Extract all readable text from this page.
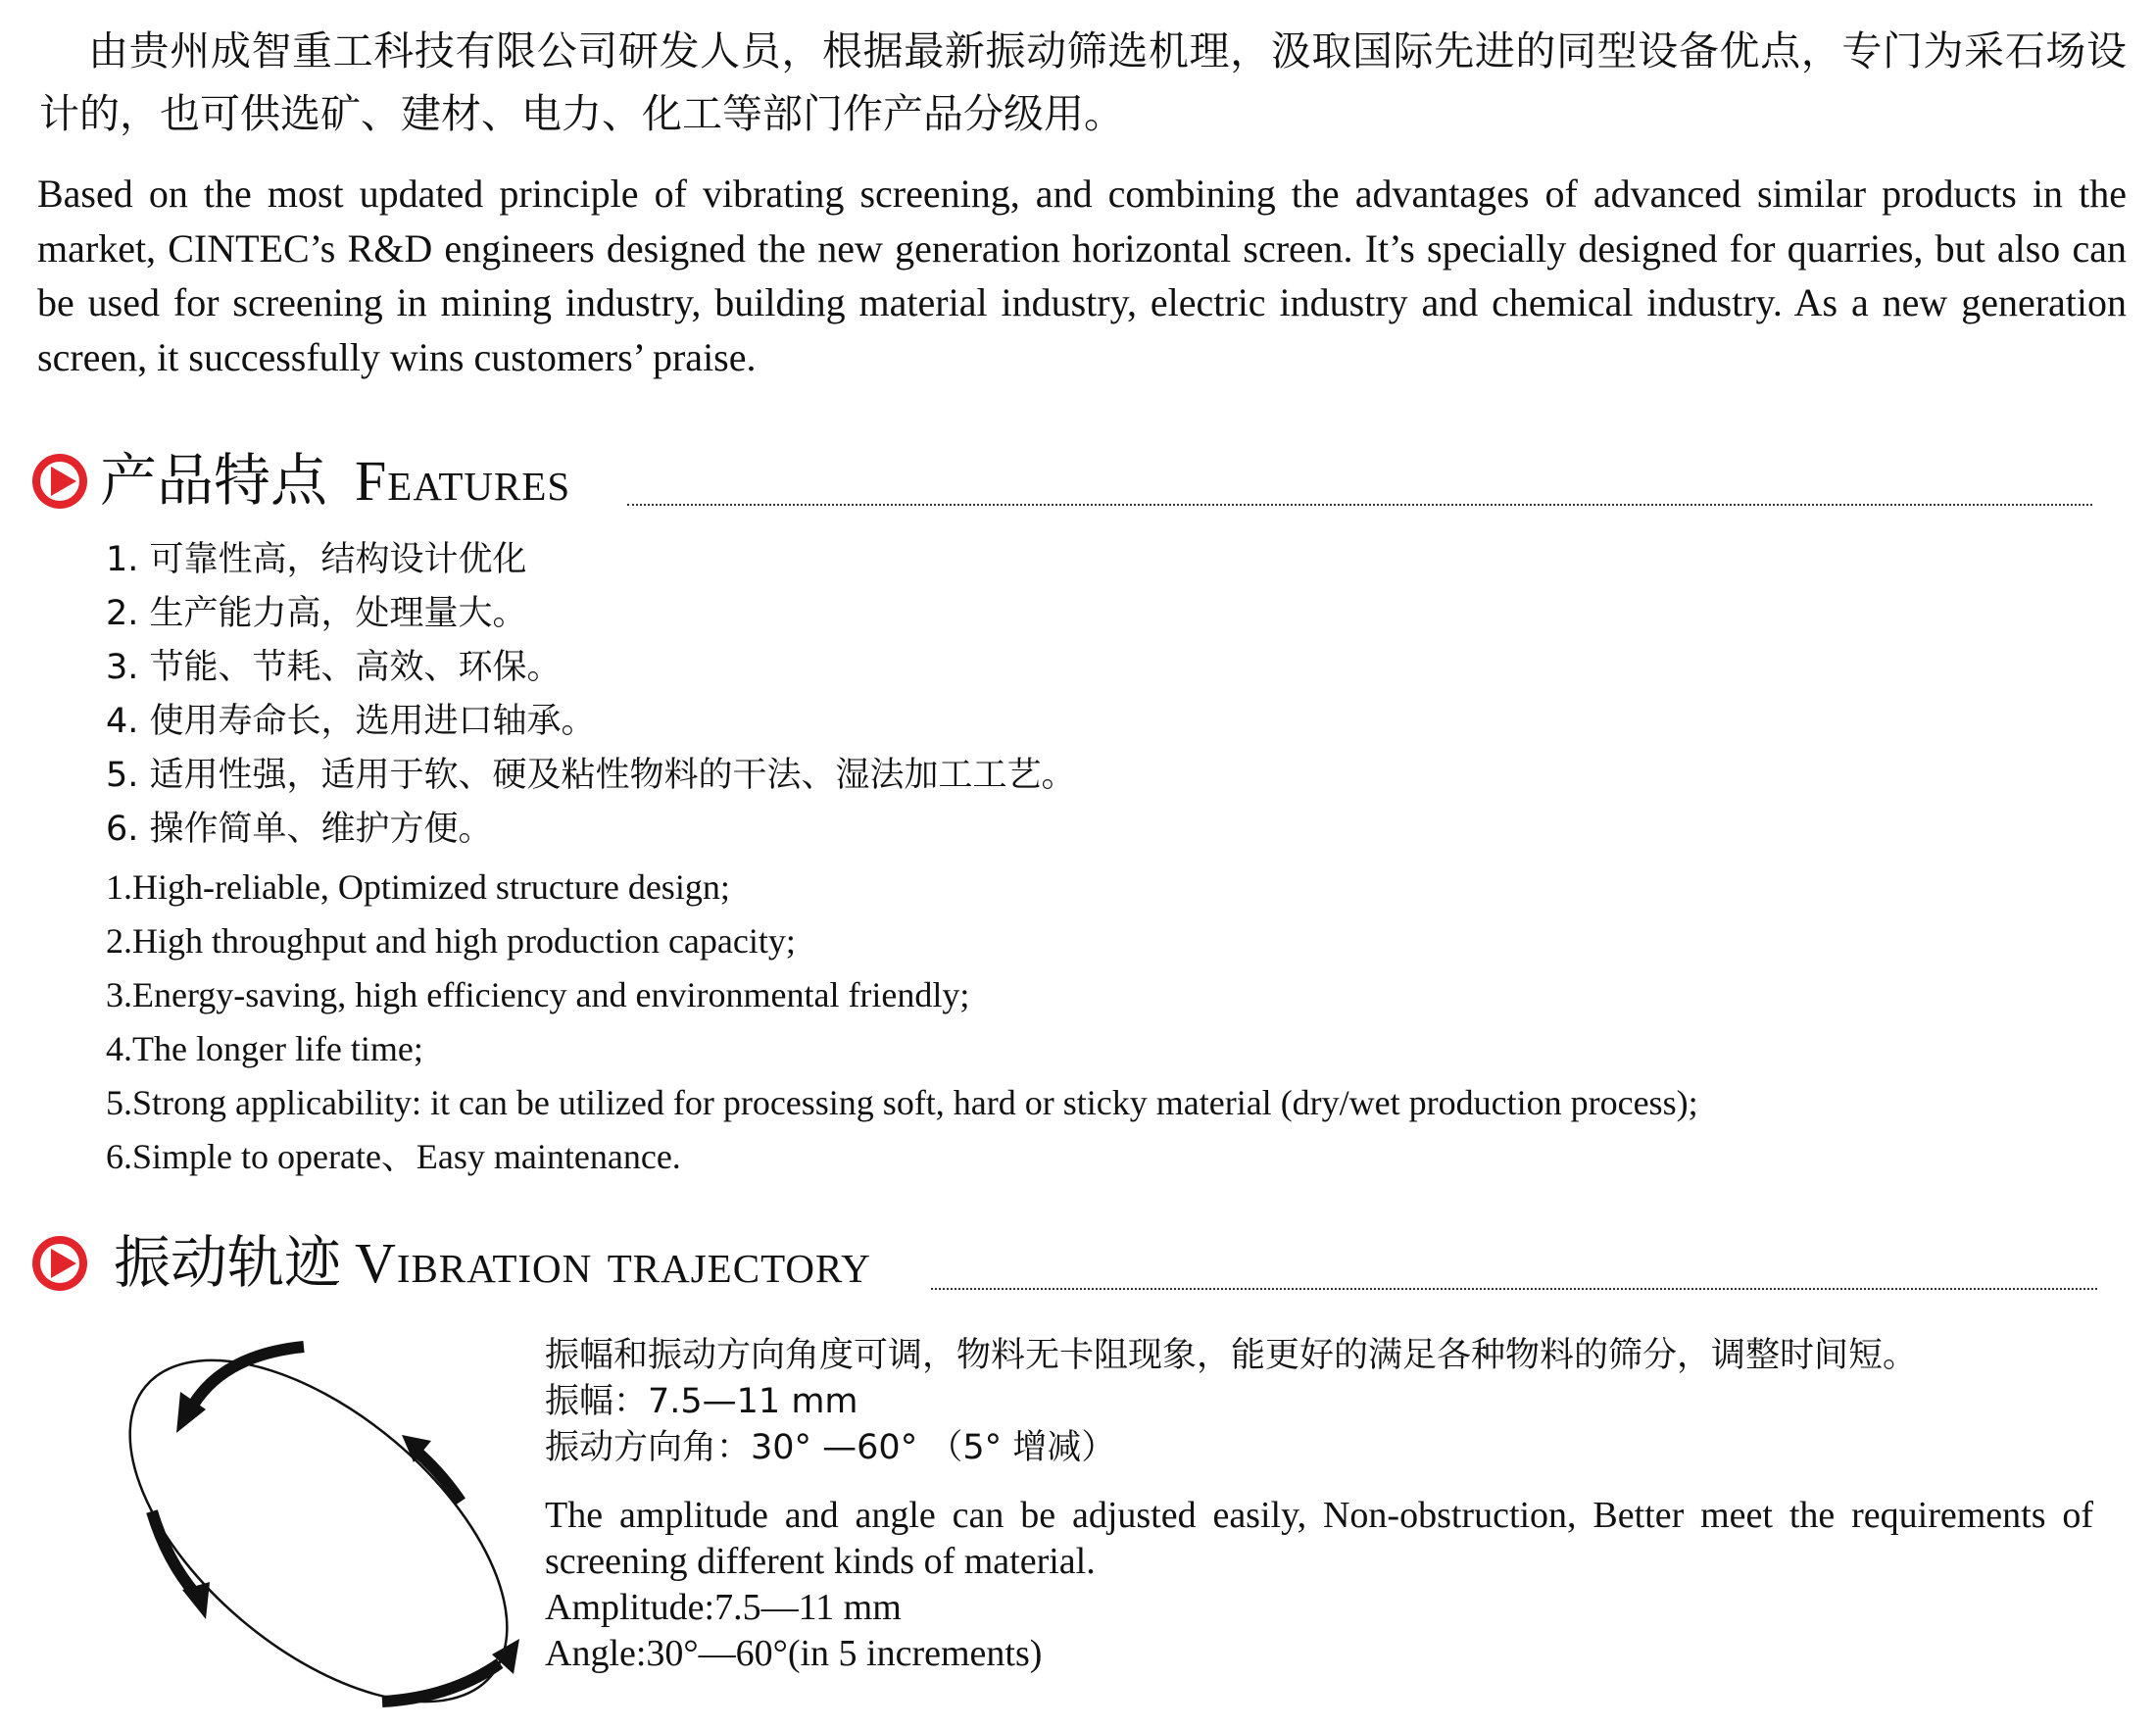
由贵州成智重工科技有限公司研发人员，根据最新振动筛选机理，汲取国际先进的同型设备优点，专门为采石场设计的，也可供选矿、建材、电力、化工等部门作产品分级用。

Based on the most updated principle of vibrating screening, and combining the advantages of advanced similar products in the market, CINTEC’s R&D engineers designed the new generation horizontal screen. It’s specially designed for quarries, but also can be used for screening in mining industry, building material industry, electric industry and chemical industry. As a new generation screen, it successfully wins customers’ praise.

产品特点 Features
1. 可靠性高，结构设计优化
2. 生产能力高，处理量大。
3. 节能、节耗、高效、环保。
4. 使用寿命长，选用进口轴承。
5. 适用性强，适用于软、硬及粘性物料的干法、湿法加工工艺。
6. 操作简单、维护方便。
1.High-reliable, Optimized structure design;
2.High throughput and high production capacity;
3.Energy-saving, high efficiency and environmental friendly;
4.The longer life time;
5.Strong applicability: it can be utilized for processing soft, hard or sticky material (dry/wet production process);
6.Simple to operate、Easy maintenance.
振动轨迹 Vibration trajectory

振幅和振动方向角度可调，物料无卡阻现象，能更好的满足各种物料的筛分，调整时间短。

振幅：7.5—11 mm

振动方向角：30° —60° （5° 增减）

The amplitude and angle can be adjusted easily, Non-obstruction, Better meet the requirements of screening different kinds of material.

Amplitude:7.5—11 mm

Angle:30°—60°(in 5 increments)
